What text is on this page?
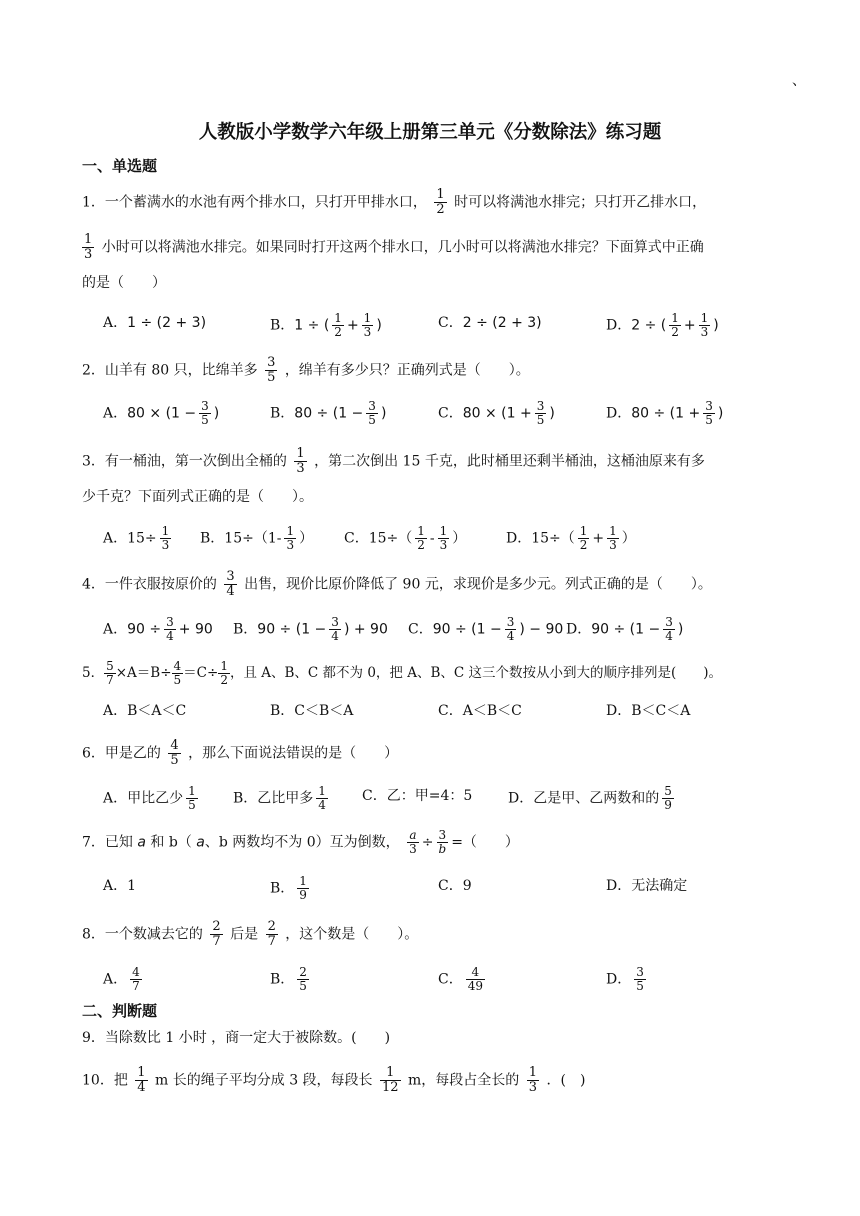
、
人教版小学数学六年级上册第三单元《分数除法》练习题
一、单选题
1．一个蓄满水的水池有两个排水口，只打开甲排水口， $\frac{1}{2}$ 时可以将满池水排完；只打开乙排水口，
$\frac{1}{3}$ 小时可以将满池水排完。如果同时打开这两个排水口，几小时可以将满池水排完？下面算式中正确
的是（　　）
A．1 ÷ (2 + 3)	B．1 ÷ ( $\frac{1}{2} + \frac{1}{3}$ )	C．2 ÷ (2 + 3)	D．2 ÷ ( $\frac{1}{2} + \frac{1}{3}$ )
2．山羊有 80 只，比绵羊多 $\frac{3}{5}$ ，绵羊有多少只？正确列式是（　　）。
A．$80 \times (1 - \frac{3}{5}$ )	B．$80 \div (1 - \frac{3}{5}$ )	C．$80 \times (1 + \frac{3}{5}$ )	D．$80 \div (1 + \frac{3}{5}$ )
3．有一桶油，第一次倒出全桶的 $\frac{1}{3}$ ，第二次倒出 15 千克，此时桶里还剩半桶油，这桶油原来有多
少千克？下面列式正确的是（　　）。
A．$15\div \frac{1}{3}$ B．$15\div(1- \frac{1}{3}$ ） C．$15\div( \frac{1}{2} - \frac{1}{3}$ ）	D．$15\div( \frac{1}{2} + \frac{1}{3}$ ）
4．一件衣服按原价的 $\frac{3}{4}$ 出售，现价比原价降低了 90 元，求现价是多少元。列式正确的是（　　）。
A．$90 \div \frac{3}{4} + 90$ B．$90 \div (1 - \frac{3}{4}$ ) + 90 C．$90 \div (1 - \frac{3}{4}$ ) − 90 D．$90 \div (1 - \frac{3}{4}$ )
5． $\frac{5}{7} \times A=B\div \frac{4}{5} =C\div \frac{1}{2}$ ，且 A、B、C 都不为 0，把 A、B、C 这三个数按从小到大的顺序排列是(　　)。
A．B＜A＜C	B．C＜B＜A	C．A＜B＜C	D．B＜C＜A
6．甲是乙的 $\frac{4}{5}$ ，那么下面说法错误的是（　　）
A．甲比乙少 $\frac{1}{5}$	B．乙比甲多 $\frac{1}{4}$ C．乙：甲=4：5	D．乙是甲、乙两数和的 $\frac{5}{9}$
7．已知 a 和 b（ a、b 两数均不为 0）互为倒数， $\frac{a}{3} \div \frac{3}{b}$ =（　　）
A．1	B． $\frac{1}{9}$	C．9	D．无法确定
8．一个数减去它的 $\frac{2}{7}$ 后是 $\frac{2}{7}$ ，这个数是（　　）。
A． $\frac{4}{7}$	B． $\frac{2}{5}$	C． $\frac{4}{49}$	D． $\frac{3}{5}$
二、判断题
9．当除数比 1 小时 ，商一定大于被除数。(　　)
10．把 $\frac{1}{4}$ m 长的绳子平均分成 3 段，每段长 $\frac{1}{12}$ m，每段占全长的 $\frac{1}{3}$ ．(　)
